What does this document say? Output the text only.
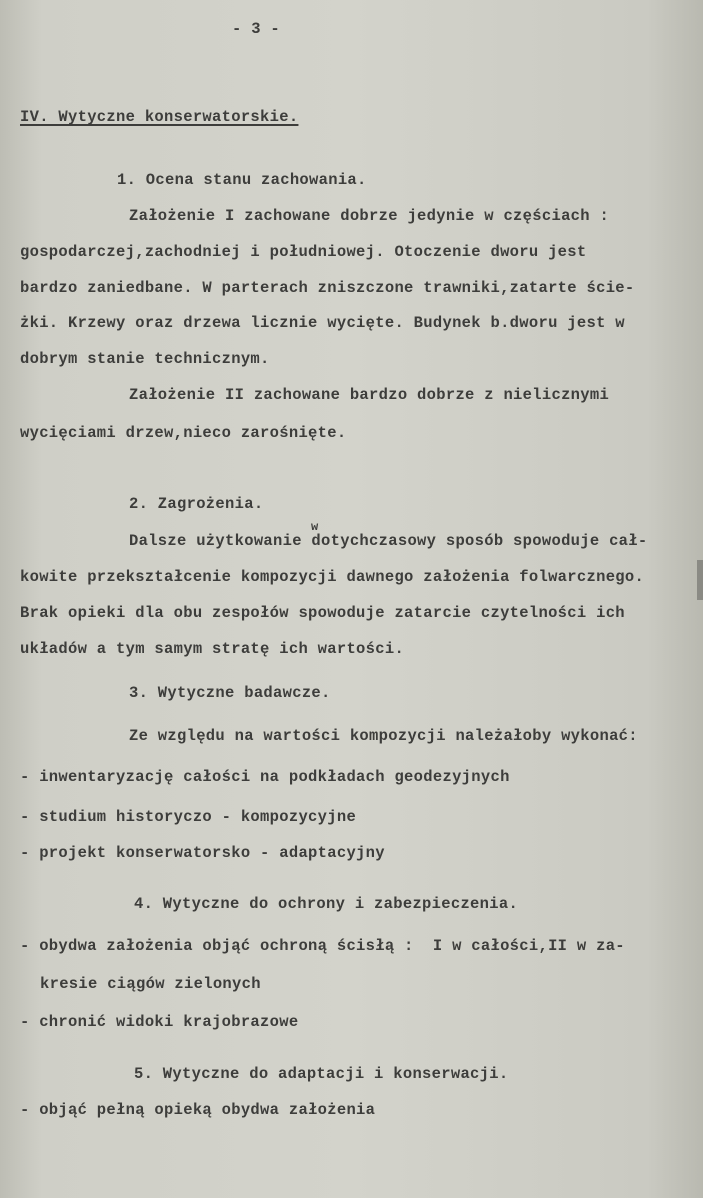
- 3 -
IV. Wytyczne konserwatorskie.
1. Ocena stanu zachowania.
Założenie I zachowane dobrze jedynie w częściach :
gospodarczej,zachodniej i południowej. Otoczenie dworu jest
bardzo zaniedbane. W parterach zniszczone trawniki,zatarte ście-
żki. Krzewy oraz drzewa licznie wycięte. Budynek b.dworu jest w
dobrym stanie technicznym.
Założenie II zachowane bardzo dobrze z nielicznymi
wycięciami drzew,nieco zarośnięte.
2. Zagrożenia.
w
Dalsze użytkowanie dotychczasowy sposób spowoduje cał-
kowite przekształcenie kompozycji dawnego założenia folwarcznego.
Brak opieki dla obu zespołów spowoduje zatarcie czytelności ich
układów a tym samym stratę ich wartości.
3. Wytyczne badawcze.
Ze względu na wartości kompozycji należałoby wykonać:
- inwentaryzację całości na podkładach geodezyjnych
- studium historyczo - kompozycyjne
- projekt konserwatorsko - adaptacyjny
4. Wytyczne do ochrony i zabezpieczenia.
- obydwa założenia objąć ochroną ścisłą :  I w całości,II w za-
kresie ciągów zielonych
- chronić widoki krajobrazowe
5. Wytyczne do adaptacji i konserwacji.
- objąć pełną opieką obydwa założenia
